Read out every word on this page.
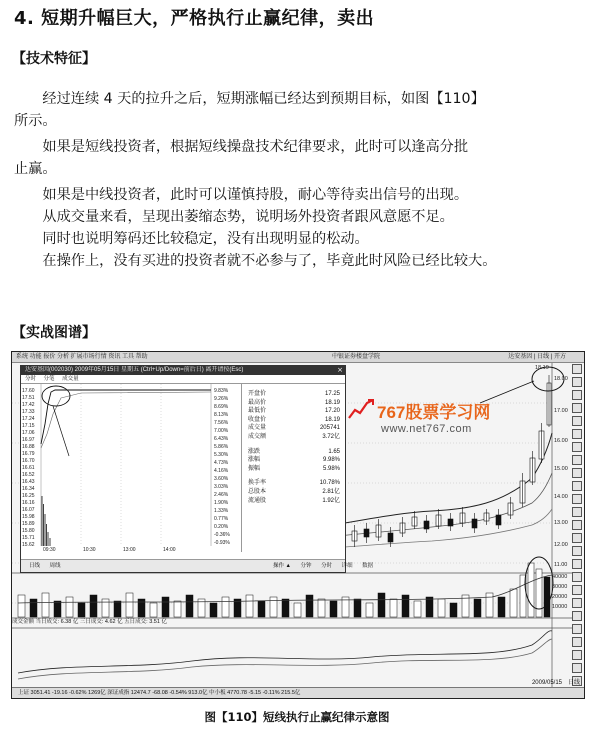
4. 短期升幅巨大，严格执行止赢纪律，卖出
【技术特征】

经过连续 4 天的拉升之后，短期涨幅已经达到预期目标，如图【110】

所示。

如果是短线投资者，根据短线操盘技术纪律要求，此时可以逢高分批

止赢。

如果是中线投资者，此时可以谨慎持股，耐心等待卖出信号的出现。

从成交量来看，呈现出萎缩态势，说明场外投资者跟风意愿不足。

同时也说明筹码还比较稳定，没有出现明显的松动。

在操作上，没有买进的投资者就不必参与了，毕竟此时风险已经比较大。

【实战图谱】
系统 功能 报价 分析 扩展市场行情 资讯 工具 帮助	中银证券楼盘学院	达安基因 | 日线 | 开方
达安基因(002030) 2009年05月15日 星期五 (Ctrl+Up/Down=前后日) 离开请按(Esc)	×
分时 分笔 成交量
17.60
17.51
17.42
17.33
17.24
17.15
17.06
16.97
16.88
16.79
16.70
16.61
16.52
16.43
16.34
16.25
16.16
16.07
15.98
15.89
15.80
15.71
15.62
9.83%
9.26%
8.69%
8.13%
7.56%
7.00%
6.43%
5.86%
5.30%
4.73%
4.16%
3.60%
3.03%
2.46%
1.90%
1.33%
0.77%
0.20%
-0.36%
-0.93%
09:30	10:30	13:00	14:00
开盘价	17.25
最高价	18.19
最低价	17.20
收盘价	18.19
成交量	205741
成交额	3.72亿
涨跌	1.65
涨幅	9.98%
振幅	5.98%
换手率	10.78%
总股本	2.81亿
流通股	1.92亿
日线 周线	操作 ▲ 分钟 分时 详细 数据
成交金额 当日成交: 6.38 亿 三日成交: 4.62 亿 五日成交: 3.51 亿
18.19
18.00
17.00
16.00
15.00
14.00
13.00
12.00
11.00
40000
30000
20000
10000
2009/05/15 日线
上证 3051.41 -19.16 -0.62% 1269亿 深证成指 12474.7 -68.08 -0.54% 913.0亿 中小板 4770.78 -5.15 -0.11% 215.5亿
767股票学习网
www.net767.com
图【110】短线执行止赢纪律示意图
